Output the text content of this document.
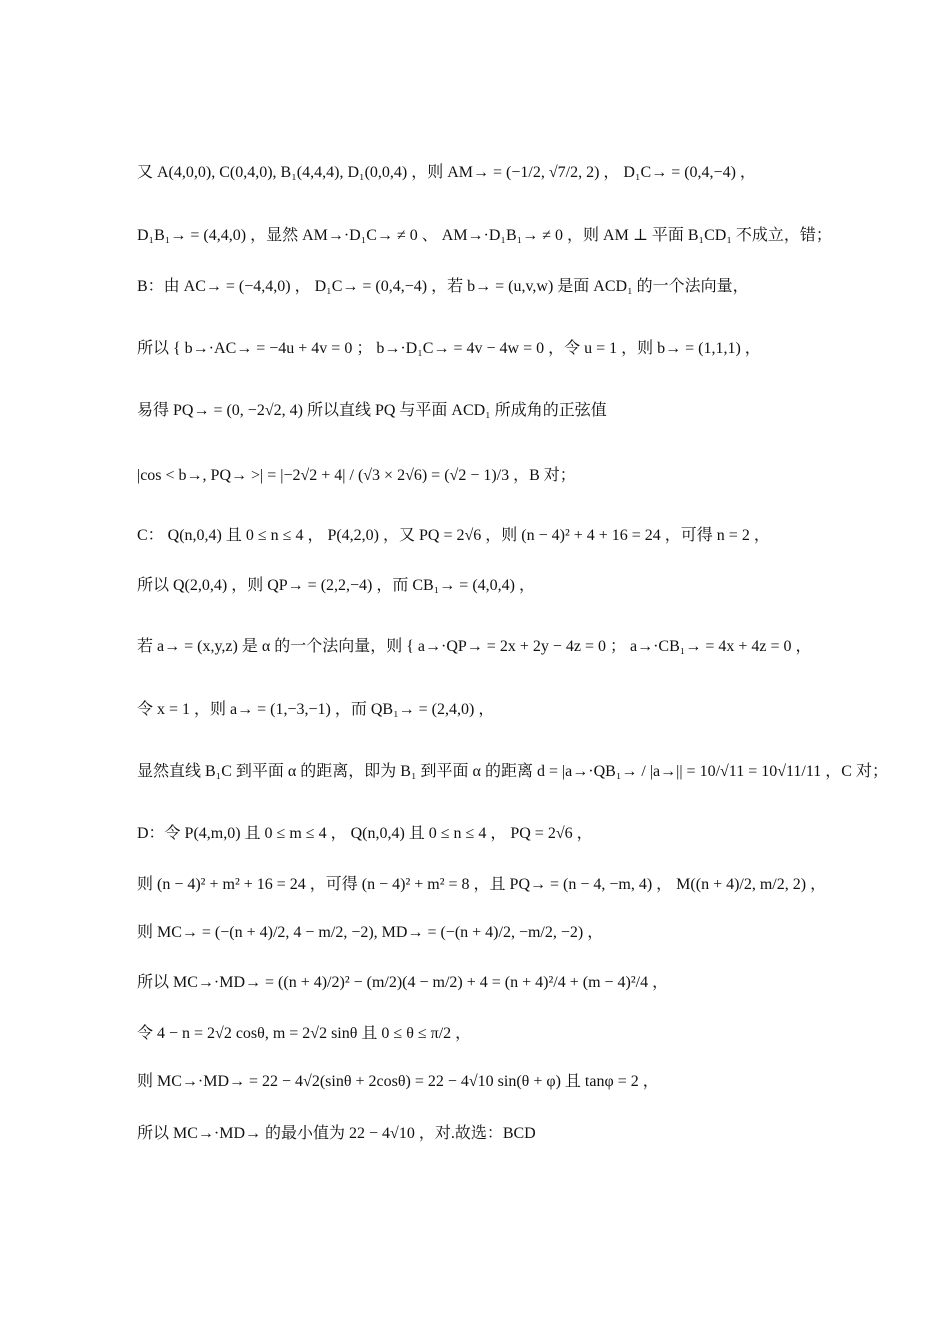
又 A(4,0,0), C(0,4,0), B₁(4,4,4), D₁(0,0,4) ，则 AM→ = (−1/2, √7/2, 2) ， D₁C→ = (0,4,−4) ，
D₁B₁→ = (4,4,0) ，显然 AM→·D₁C→ ≠ 0 、 AM→·D₁B₁→ ≠ 0 ，则 AM ⊥ 平面 B₁CD₁ 不成立，错；
B：由 AC→ = (−4,4,0) ， D₁C→ = (0,4,−4) ，若 b→ = (u,v,w) 是面 ACD₁ 的一个法向量，
所以 { b→·AC→ = −4u + 4v = 0 ； b→·D₁C→ = 4v − 4w = 0 ，令 u = 1 ，则 b→ = (1,1,1) ，
易得 PQ→ = (0, −2√2, 4) 所以直线 PQ 与平面 ACD₁ 所成角的正弦值
|cos < b→, PQ→ >| = |−2√2 + 4| / (√3 × 2√6) = (√2 − 1)/3 ，B 对；
C： Q(n,0,4) 且 0 ≤ n ≤ 4 ， P(4,2,0) ，又 PQ = 2√6 ，则 (n − 4)² + 4 + 16 = 24 ，可得 n = 2 ，
所以 Q(2,0,4) ，则 QP→ = (2,2,−4) ，而 CB₁→ = (4,0,4) ，
若 a→ = (x,y,z) 是 α 的一个法向量，则 { a→·QP→ = 2x + 2y − 4z = 0 ； a→·CB₁→ = 4x + 4z = 0 ，
令 x = 1 ，则 a→ = (1,−3,−1) ，而 QB₁→ = (2,4,0) ，
显然直线 B₁C 到平面 α 的距离，即为 B₁ 到平面 α 的距离 d = |a→·QB₁→ / |a→|| = 10/√11 = 10√11/11 ，C 对；
D：令 P(4,m,0) 且 0 ≤ m ≤ 4 ， Q(n,0,4) 且 0 ≤ n ≤ 4 ， PQ = 2√6 ，
则 (n − 4)² + m² + 16 = 24 ，可得 (n − 4)² + m² = 8 ，且 PQ→ = (n − 4, −m, 4) ， M((n + 4)/2, m/2, 2) ，
则 MC→ = (−(n + 4)/2, 4 − m/2, −2), MD→ = (−(n + 4)/2, −m/2, −2) ，
所以 MC→·MD→ = ((n + 4)/2)² − (m/2)(4 − m/2) + 4 = (n + 4)²/4 + (m − 4)²/4 ，
令 4 − n = 2√2 cosθ, m = 2√2 sinθ 且 0 ≤ θ ≤ π/2 ，
则 MC→·MD→ = 22 − 4√2(sinθ + 2cosθ) = 22 − 4√10 sin(θ + φ) 且 tanφ = 2 ，
所以 MC→·MD→ 的最小值为 22 − 4√10 ，对.故选：BCD
